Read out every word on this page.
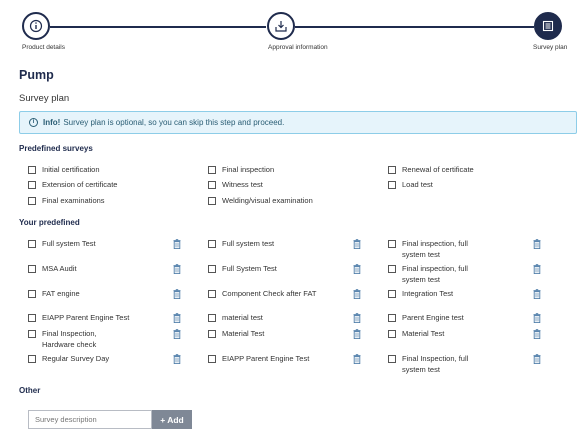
Product details	Approval information	Survey plan
Pump
Survey plan
i	Info! Survey plan is optional, so you can skip this step and proceed.
Predefined surveys
Initial certification
Extension of certificate
Final examinations
Final inspection
Witness test
Welding/visual examination
Renewal of certificate
Load test
Your predefined
Full system Test
MSA Audit
FAT engine
EIAPP Parent Engine Test
Final Inspection, Hardware check
Regular Survey Day
Full system test
Full System Test
Component Check after FAT
material test
Material Test
EIAPP Parent Engine Test
Final inspection, full system test
Final inspection, full system test
Integration Test
Parent Engine test
Material Test
Final Inspection, full system test
Other
Survey description
+ Add
